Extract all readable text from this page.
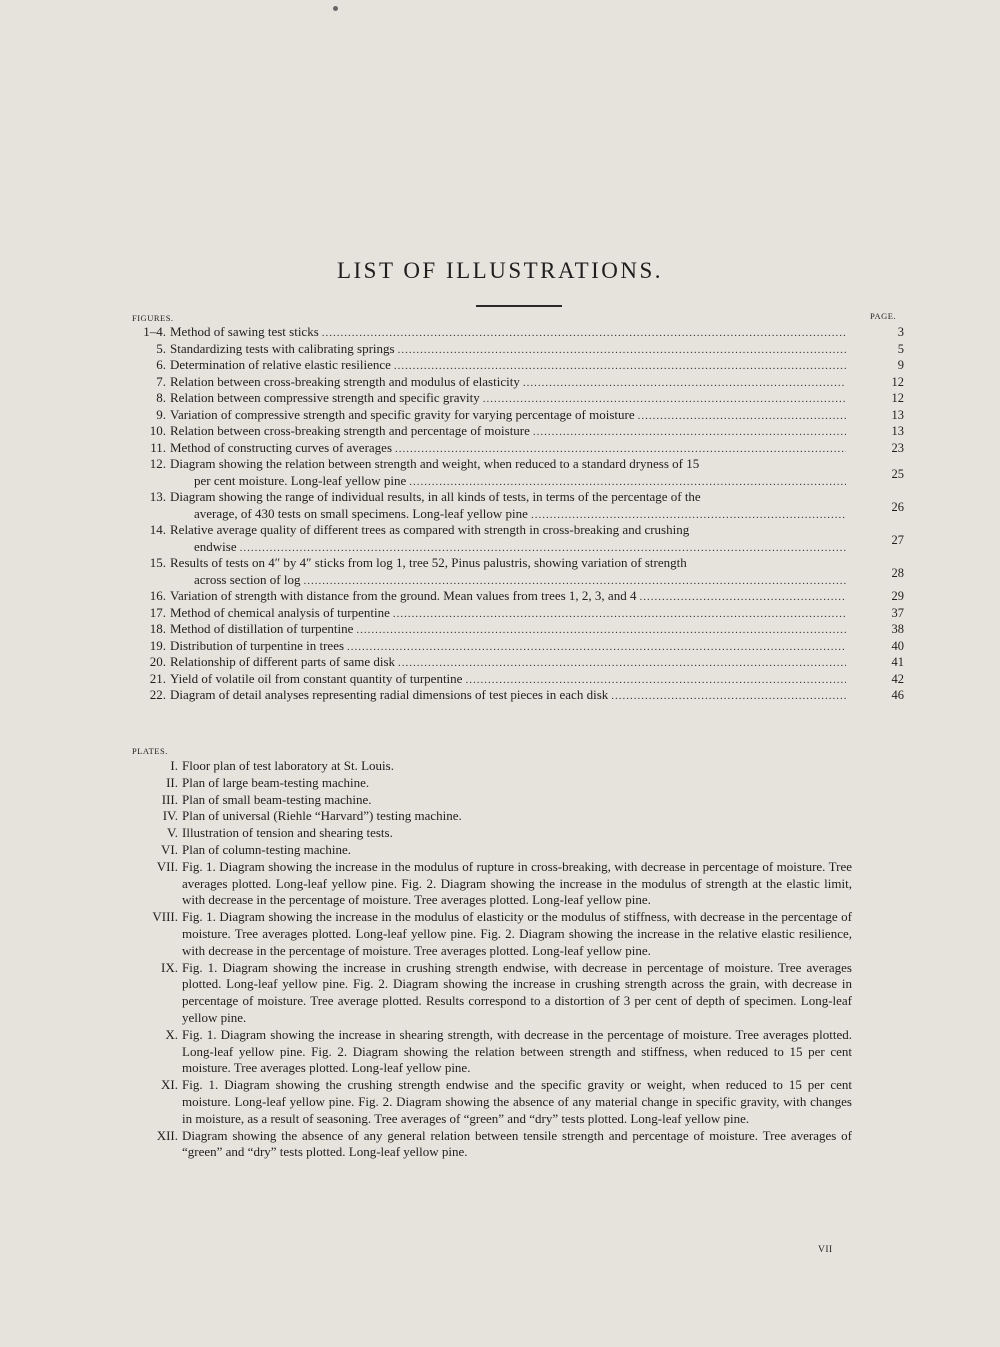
LIST OF ILLUSTRATIONS.
FIGURES.	PAGE.
1–4. Method of sawing test sticks .....	3
5. Standardizing tests with calibrating springs .....	5
6. Determination of relative elastic resilience .....	9
7. Relation between cross-breaking strength and modulus of elasticity .....	12
8. Relation between compressive strength and specific gravity .....	12
9. Variation of compressive strength and specific gravity for varying percentage of moisture .....	13
10. Relation between cross-breaking strength and percentage of moisture .....	13
11. Method of constructing curves of averages .....	23
12. Diagram showing the relation between strength and weight, when reduced to a standard dryness of 15
per cent moisture. Long-leaf yellow pine .....	25
13. Diagram showing the range of individual results, in all kinds of tests, in terms of the percentage of the
average, of 430 tests on small specimens. Long-leaf yellow pine .....	26
14. Relative average quality of different trees as compared with strength in cross-breaking and crushing
endwise .....	27
15. Results of tests on 4″ by 4″ sticks from log 1, tree 52, Pinus palustris, showing variation of strength
across section of log .....	28
16. Variation of strength with distance from the ground. Mean values from trees 1, 2, 3, and 4 .....	29
17. Method of chemical analysis of turpentine .....	37
18. Method of distillation of turpentine .....	38
19. Distribution of turpentine in trees .....	40
20. Relationship of different parts of same disk .....	41
21. Yield of volatile oil from constant quantity of turpentine .....	42
22. Diagram of detail analyses representing radial dimensions of test pieces in each disk .....	46
PLATES.
I. Floor plan of test laboratory at St. Louis.
II. Plan of large beam-testing machine.
III. Plan of small beam-testing machine.
IV. Plan of universal (Riehle “Harvard”) testing machine.
V. Illustration of tension and shearing tests.
VI. Plan of column-testing machine.
VII. Fig. 1. Diagram showing the increase in the modulus of rupture in cross-breaking, with decrease in percentage of moisture. Tree averages plotted. Long-leaf yellow pine. Fig. 2. Diagram showing the increase in the modulus of strength at the elastic limit, with decrease in the percentage of moisture. Tree averages plotted. Long-leaf yellow pine.
VIII. Fig. 1. Diagram showing the increase in the modulus of elasticity or the modulus of stiffness, with decrease in the percentage of moisture. Tree averages plotted. Long-leaf yellow pine. Fig. 2. Diagram showing the increase in the relative elastic resilience, with decrease in the percentage of moisture. Tree averages plotted. Long-leaf yellow pine.
IX. Fig. 1. Diagram showing the increase in crushing strength endwise, with decrease in percentage of moisture. Tree averages plotted. Long-leaf yellow pine. Fig. 2. Diagram showing the increase in crushing strength across the grain, with decrease in percentage of moisture. Tree average plotted. Results correspond to a distortion of 3 per cent of depth of specimen. Long-leaf yellow pine.
X. Fig. 1. Diagram showing the increase in shearing strength, with decrease in the percentage of moisture. Tree averages plotted. Long-leaf yellow pine. Fig. 2. Diagram showing the relation between strength and stiffness, when reduced to 15 per cent moisture. Tree averages plotted. Long-leaf yellow pine.
XI. Fig. 1. Diagram showing the crushing strength endwise and the specific gravity or weight, when reduced to 15 per cent moisture. Long-leaf yellow pine. Fig. 2. Diagram showing the absence of any material change in specific gravity, with changes in moisture, as a result of seasoning. Tree averages of “green” and “dry” tests plotted. Long-leaf yellow pine.
XII. Diagram showing the absence of any general relation between tensile strength and percentage of moisture. Tree averages of “green” and “dry” tests plotted. Long-leaf yellow pine.
VII
